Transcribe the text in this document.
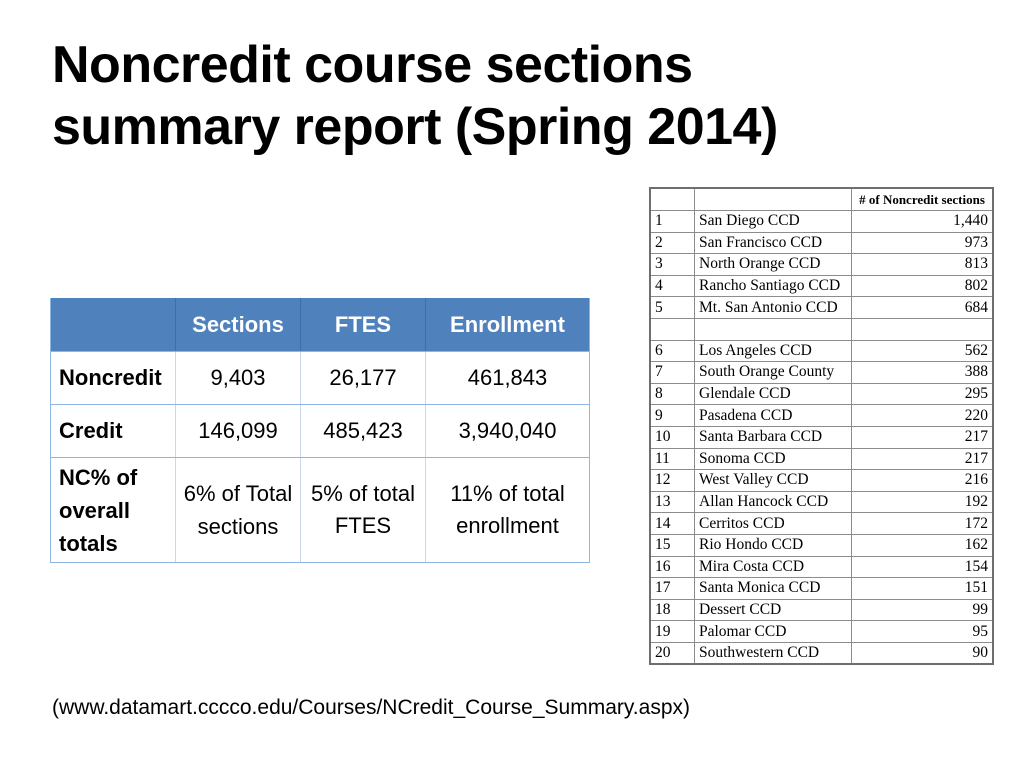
Noncredit course sections
summary report (Spring 2014)
	Sections	FTES	Enrollment
Noncredit	9,403	26,177	461,843
Credit	146,099	485,423	3,940,040
NC% of overall totals	6% of Total sections	5% of total FTES	11% of total enrollment
		# of Noncredit sections
1	San Diego CCD	1,440
2	San Francisco CCD	973
3	North Orange CCD	813
4	Rancho Santiago CCD	802
5	Mt. San Antonio CCD	684

6	Los Angeles CCD	562
7	South Orange County	388
8	Glendale CCD	295
9	Pasadena CCD	220
10	Santa Barbara CCD	217
11	Sonoma CCD	217
12	West Valley CCD	216
13	Allan Hancock CCD	192
14	Cerritos CCD	172
15	Rio Hondo CCD	162
16	Mira Costa CCD	154
17	Santa Monica CCD	151
18	Dessert CCD	99
19	Palomar CCD	95
20	Southwestern CCD	90
(www.datamart.cccco.edu/Courses/NCredit_Course_Summary.aspx)
